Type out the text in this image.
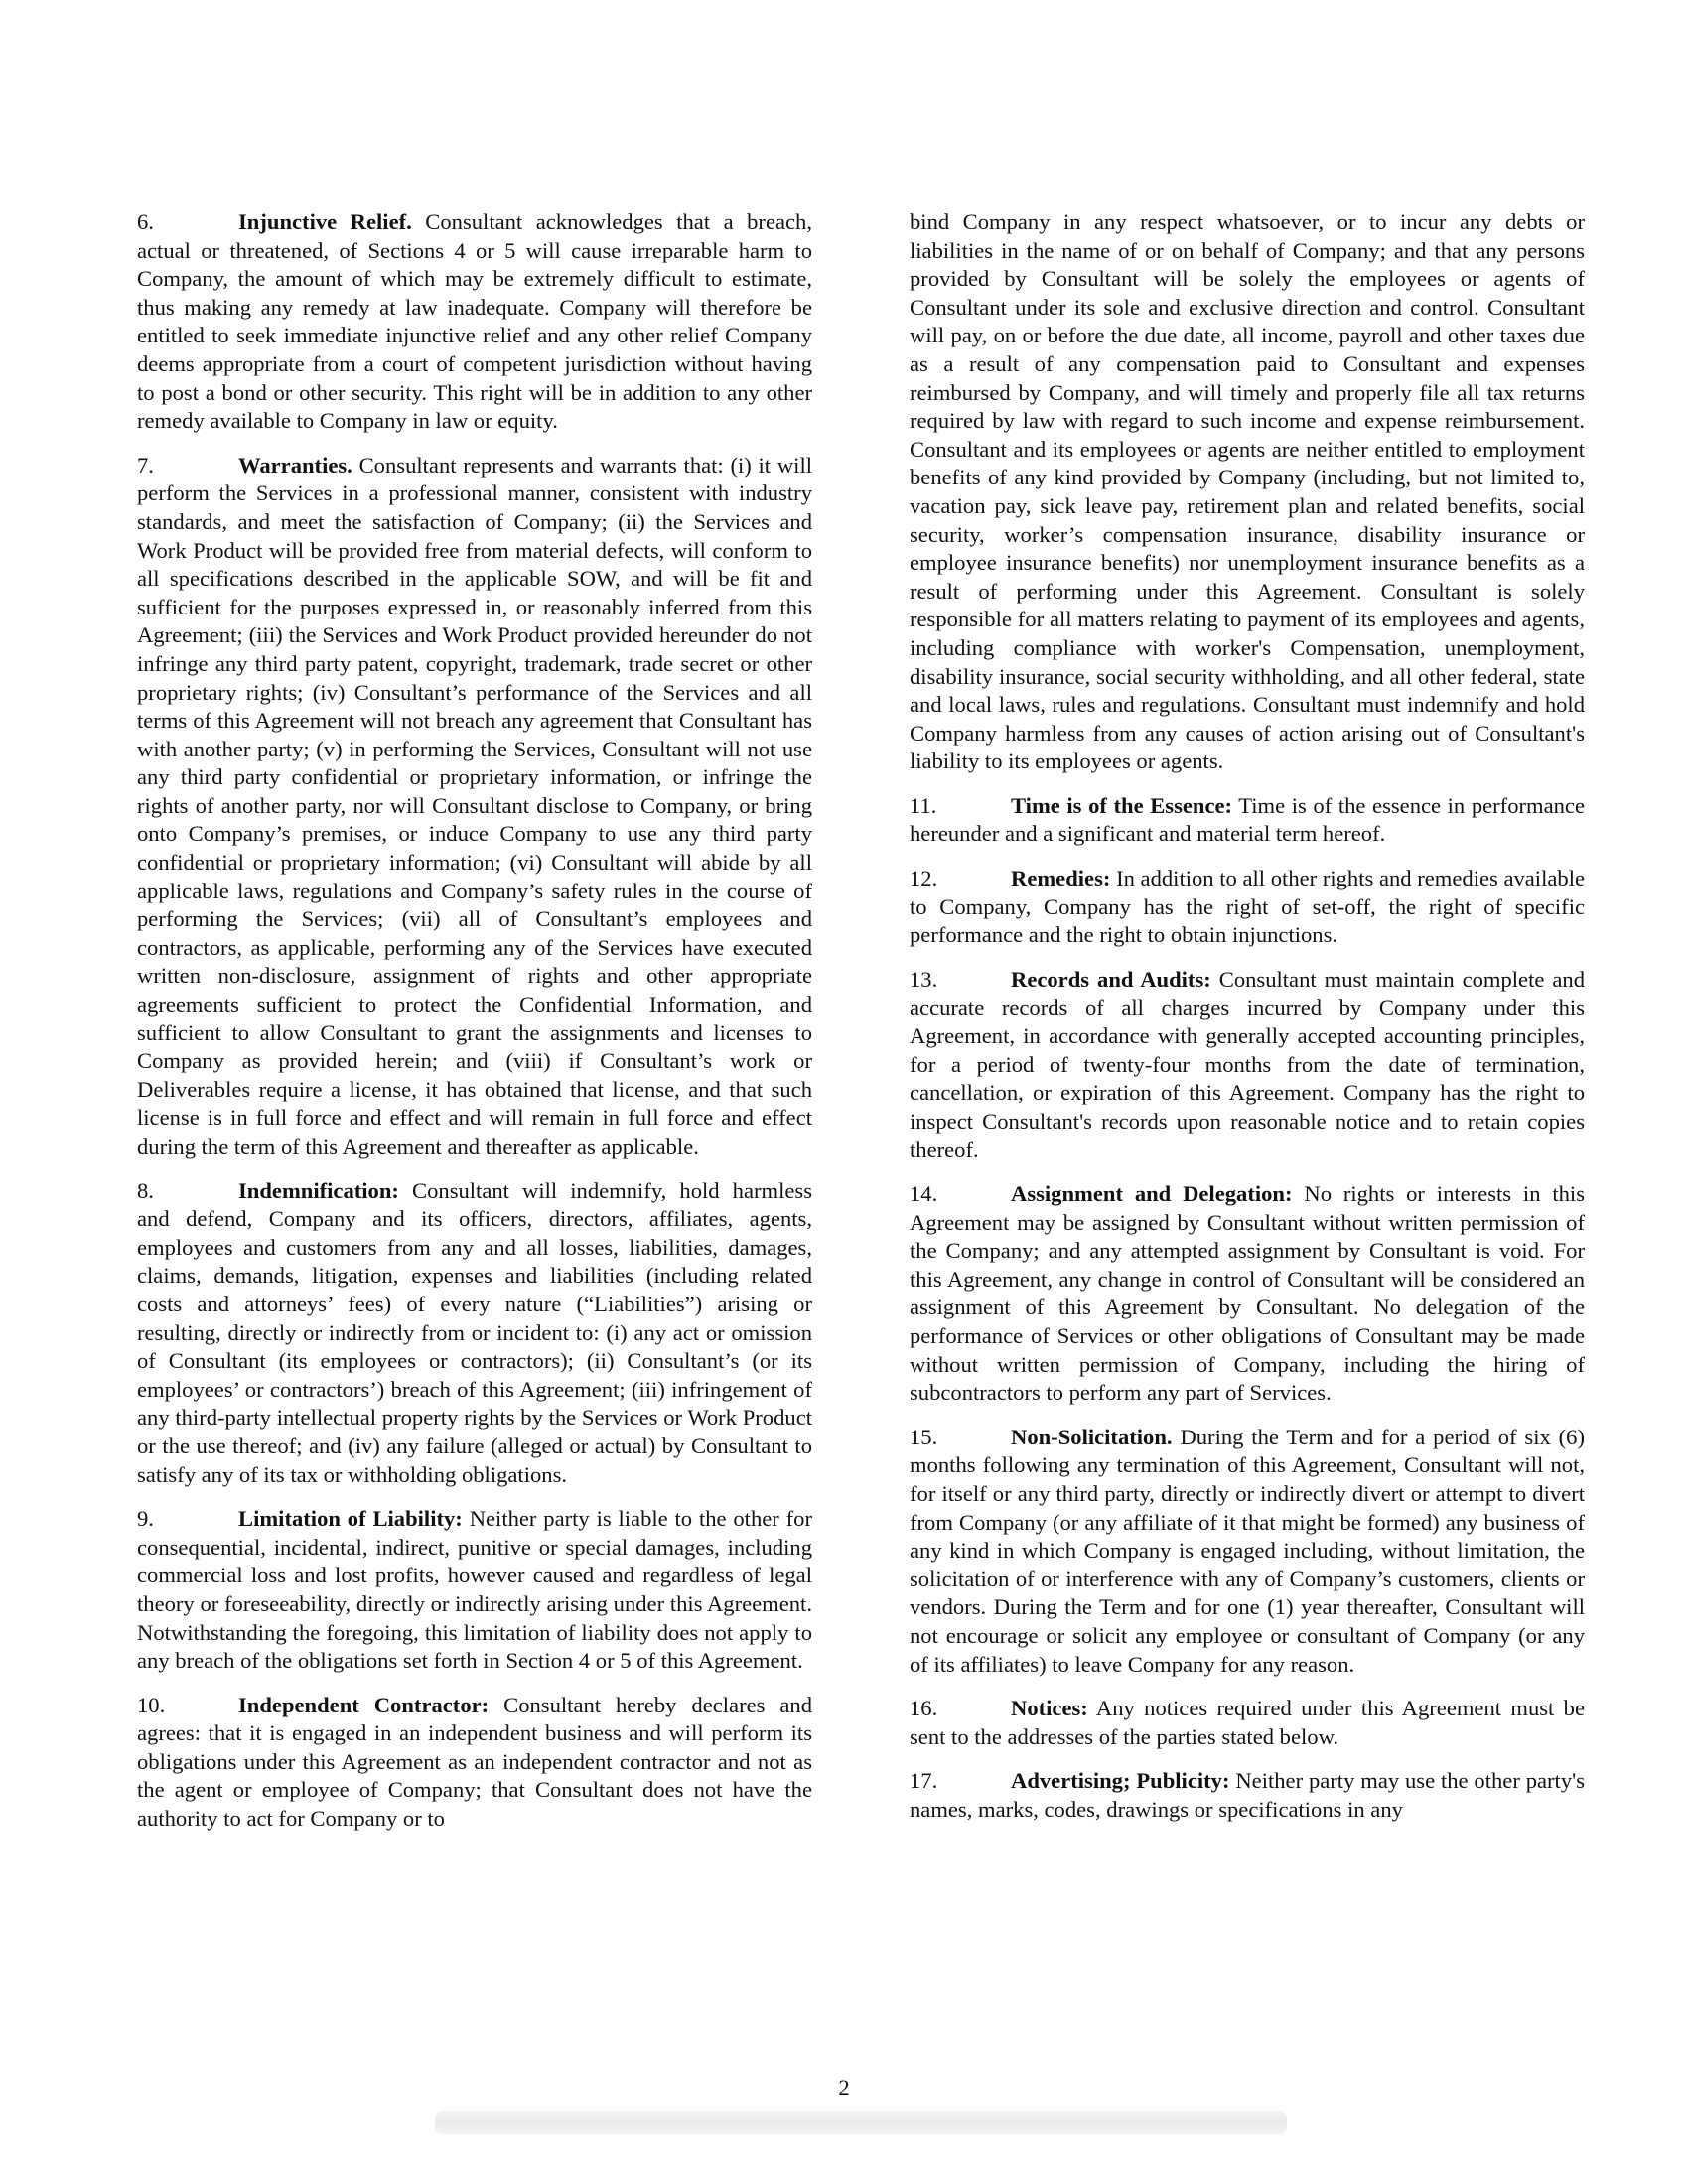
6.	Injunctive Relief. Consultant acknowledges that a breach, actual or threatened, of Sections 4 or 5 will cause irreparable harm to Company, the amount of which may be extremely difficult to estimate, thus making any remedy at law inadequate. Company will therefore be entitled to seek immediate injunctive relief and any other relief Company deems appropriate from a court of competent jurisdiction without having to post a bond or other security. This right will be in addition to any other remedy available to Company in law or equity.

7.	Warranties. Consultant represents and warrants that: (i) it will perform the Services in a professional manner, consistent with industry standards, and meet the satisfaction of Company; (ii) the Services and Work Product will be provided free from material defects, will conform to all specifications described in the applicable SOW, and will be fit and sufficient for the purposes expressed in, or reasonably inferred from this Agreement; (iii) the Services and Work Product provided hereunder do not infringe any third party patent, copyright, trademark, trade secret or other proprietary rights; (iv) Consultant’s performance of the Services and all terms of this Agreement will not breach any agreement that Consultant has with another party; (v) in performing the Services, Consultant will not use any third party confidential or proprietary information, or infringe the rights of another party, nor will Consultant disclose to Company, or bring onto Company’s premises, or induce Company to use any third party confidential or proprietary information; (vi) Consultant will abide by all applicable laws, regulations and Company’s safety rules in the course of performing the Services; (vii) all of Consultant’s employees and contractors, as applicable, performing any of the Services have executed written non-disclosure, assignment of rights and other appropriate agreements sufficient to protect the Confidential Information, and sufficient to allow Consultant to grant the assignments and licenses to Company as provided herein; and (viii) if Consultant’s work or Deliverables require a license, it has obtained that license, and that such license is in full force and effect and will remain in full force and effect during the term of this Agreement and thereafter as applicable.

8.	Indemnification: Consultant will indemnify, hold harmless and defend, Company and its officers, directors, affiliates, agents, employees and customers from any and all losses, liabilities, damages, claims, demands, litigation, expenses and liabilities (including related costs and attorneys’ fees) of every nature (“Liabilities”) arising or resulting, directly or indirectly from or incident to: (i) any act or omission of Consultant (its employees or contractors); (ii) Consultant’s (or its employees’ or contractors’) breach of this Agreement; (iii) infringement of any third-party intellectual property rights by the Services or Work Product or the use thereof; and (iv) any failure (alleged or actual) by Consultant to satisfy any of its tax or withholding obligations.

9.	Limitation of Liability: Neither party is liable to the other for consequential, incidental, indirect, punitive or special damages, including commercial loss and lost profits, however caused and regardless of legal theory or foreseeability, directly or indirectly arising under this Agreement. Notwithstanding the foregoing, this limitation of liability does not apply to any breach of the obligations set forth in Section 4 or 5 of this Agreement.

10.	Independent Contractor: Consultant hereby declares and agrees: that it is engaged in an independent business and will perform its obligations under this Agreement as an independent contractor and not as the agent or employee of Company; that Consultant does not have the authority to act for Company or to

bind Company in any respect whatsoever, or to incur any debts or liabilities in the name of or on behalf of Company; and that any persons provided by Consultant will be solely the employees or agents of Consultant under its sole and exclusive direction and control. Consultant will pay, on or before the due date, all income, payroll and other taxes due as a result of any compensation paid to Consultant and expenses reimbursed by Company, and will timely and properly file all tax returns required by law with regard to such income and expense reimbursement. Consultant and its employees or agents are neither entitled to employment benefits of any kind provided by Company (including, but not limited to, vacation pay, sick leave pay, retirement plan and related benefits, social security, worker’s compensation insurance, disability insurance or employee insurance benefits) nor unemployment insurance benefits as a result of performing under this Agreement. Consultant is solely responsible for all matters relating to payment of its employees and agents, including compliance with worker's Compensation, unemployment, disability insurance, social security withholding, and all other federal, state and local laws, rules and regulations. Consultant must indemnify and hold Company harmless from any causes of action arising out of Consultant's liability to its employees or agents.

11.	Time is of the Essence: Time is of the essence in performance hereunder and a significant and material term hereof.

12.	Remedies: In addition to all other rights and remedies available to Company, Company has the right of set-off, the right of specific performance and the right to obtain injunctions.

13.	Records and Audits: Consultant must maintain complete and accurate records of all charges incurred by Company under this Agreement, in accordance with generally accepted accounting principles, for a period of twenty-four months from the date of termination, cancellation, or expiration of this Agreement. Company has the right to inspect Consultant's records upon reasonable notice and to retain copies thereof.

14.	Assignment and Delegation: No rights or interests in this Agreement may be assigned by Consultant without written permission of the Company; and any attempted assignment by Consultant is void. For this Agreement, any change in control of Consultant will be considered an assignment of this Agreement by Consultant. No delegation of the performance of Services or other obligations of Consultant may be made without written permission of Company, including the hiring of subcontractors to perform any part of Services.

15.	Non-Solicitation. During the Term and for a period of six (6) months following any termination of this Agreement, Consultant will not, for itself or any third party, directly or indirectly divert or attempt to divert from Company (or any affiliate of it that might be formed) any business of any kind in which Company is engaged including, without limitation, the solicitation of or interference with any of Company’s customers, clients or vendors. During the Term and for one (1) year thereafter, Consultant will not encourage or solicit any employee or consultant of Company (or any of its affiliates) to leave Company for any reason.

16.	Notices: Any notices required under this Agreement must be sent to the addresses of the parties stated below.

17.	Advertising; Publicity: Neither party may use the other party's names, marks, codes, drawings or specifications in any

2
